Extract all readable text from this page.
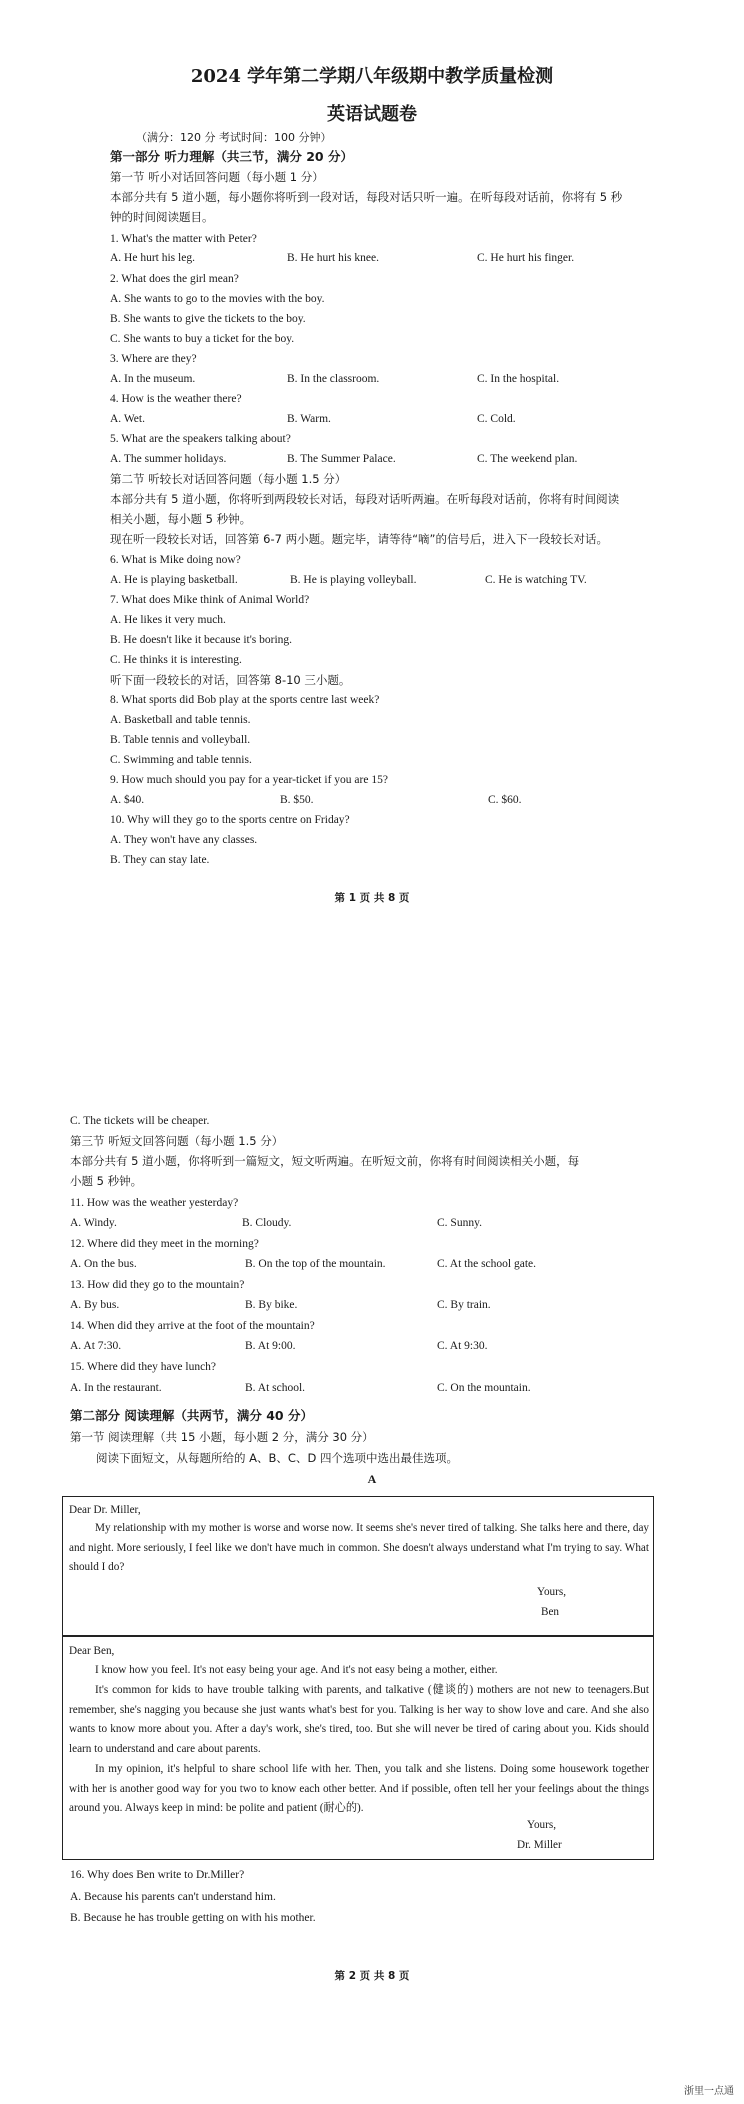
2024 学年第二学期八年级期中教学质量检测
英语试题卷
（满分：120 分 考试时间：100 分钟）
第一部分 听力理解（共三节，满分 20 分）
第一节 听小对话回答问题（每小题 1 分）
本部分共有 5 道小题，每小题你将听到一段对话，每段对话只听一遍。在听每段对话前，你将有 5 秒
钟的时间阅读题目。
1. What's the matter with Peter?
A. He hurt his leg.	B. He hurt his knee.	C. He hurt his finger.
2. What does the girl mean?
A. She wants to go to the movies with the boy.
B. She wants to give the tickets to the boy.
C. She wants to buy a ticket for the boy.
3. Where are they?
A. In the museum.	B. In the classroom.	C. In the hospital.
4. How is the weather there?
A. Wet.	B. Warm.	C. Cold.
5. What are the speakers talking about?
A. The summer holidays.	B. The Summer Palace.	C. The weekend plan.
第二节 听较长对话回答问题（每小题 1.5 分）
本部分共有 5 道小题，你将听到两段较长对话，每段对话听两遍。在听每段对话前，你将有时间阅读
相关小题，每小题 5 秒钟。
现在听一段较长对话，回答第 6-7 两小题。题完毕，请等待“嘀”的信号后，进入下一段较长对话。
6. What is Mike doing now?
A. He is playing basketball.	B. He is playing volleyball.	C. He is watching TV.
7. What does Mike think of Animal World?
A. He likes it very much.
B. He doesn't like it because it's boring.
C. He thinks it is interesting.
听下面一段较长的对话，回答第 8-10 三小题。
8. What sports did Bob play at the sports centre last week?
A. Basketball and table tennis.
B. Table tennis and volleyball.
C. Swimming and table tennis.
9. How much should you pay for a year-ticket if you are 15?
A. $40.	B. $50.	C. $60.
10. Why will they go to the sports centre on Friday?
A. They won't have any classes.
B. They can stay late.
第 1 页 共 8 页
C. The tickets will be cheaper.
第三节 听短文回答问题（每小题 1.5 分）
本部分共有 5 道小题，你将听到一篇短文，短文听两遍。在听短文前，你将有时间阅读相关小题，每
小题 5 秒钟。
11. How was the weather yesterday?
A. Windy.	B. Cloudy.	C. Sunny.
12. Where did they meet in the morning?
A. On the bus.	B. On the top of the mountain.	C. At the school gate.
13. How did they go to the mountain?
A. By bus.	B. By bike.	C. By train.
14. When did they arrive at the foot of the mountain?
A. At 7:30.	B. At 9:00.	C. At 9:30.
15. Where did they have lunch?
A. In the restaurant.	B. At school.	C. On the mountain.
第二部分 阅读理解（共两节，满分 40 分）
第一节 阅读理解（共 15 小题，每小题 2 分，满分 30 分）
阅读下面短文，从每题所给的 A、B、C、D 四个选项中选出最佳选项。
A
Dear Dr. Miller,
My relationship with my mother is worse and worse now. It seems she's never tired of talking. She talks here and there, day and night. More seriously, I feel like we don't have much in common. She doesn't always understand what I'm trying to say. What should I do?
Yours,
Ben
Dear Ben,
I know how you feel. It's not easy being your age. And it's not easy being a mother, either.
It's common for kids to have trouble talking with parents, and talkative (健谈的) mothers are not new to teenagers.But remember, she's nagging you because she just wants what's best for you. Talking is her way to show love and care. And she also wants to know more about you. After a day's work, she's tired, too. But she will never be tired of caring about you. Kids should learn to understand and care about parents.
In my opinion, it's helpful to share school life with her. Then, you talk and she listens. Doing some housework together with her is another good way for you two to know each other better. And if possible, often tell her your feelings about the things around you. Always keep in mind: be polite and patient (耐心的).
Yours,
Dr. Miller
16. Why does Ben write to Dr.Miller?
A. Because his parents can't understand him.
B. Because he has trouble getting on with his mother.
第 2 页 共 8 页
浙里一点通
